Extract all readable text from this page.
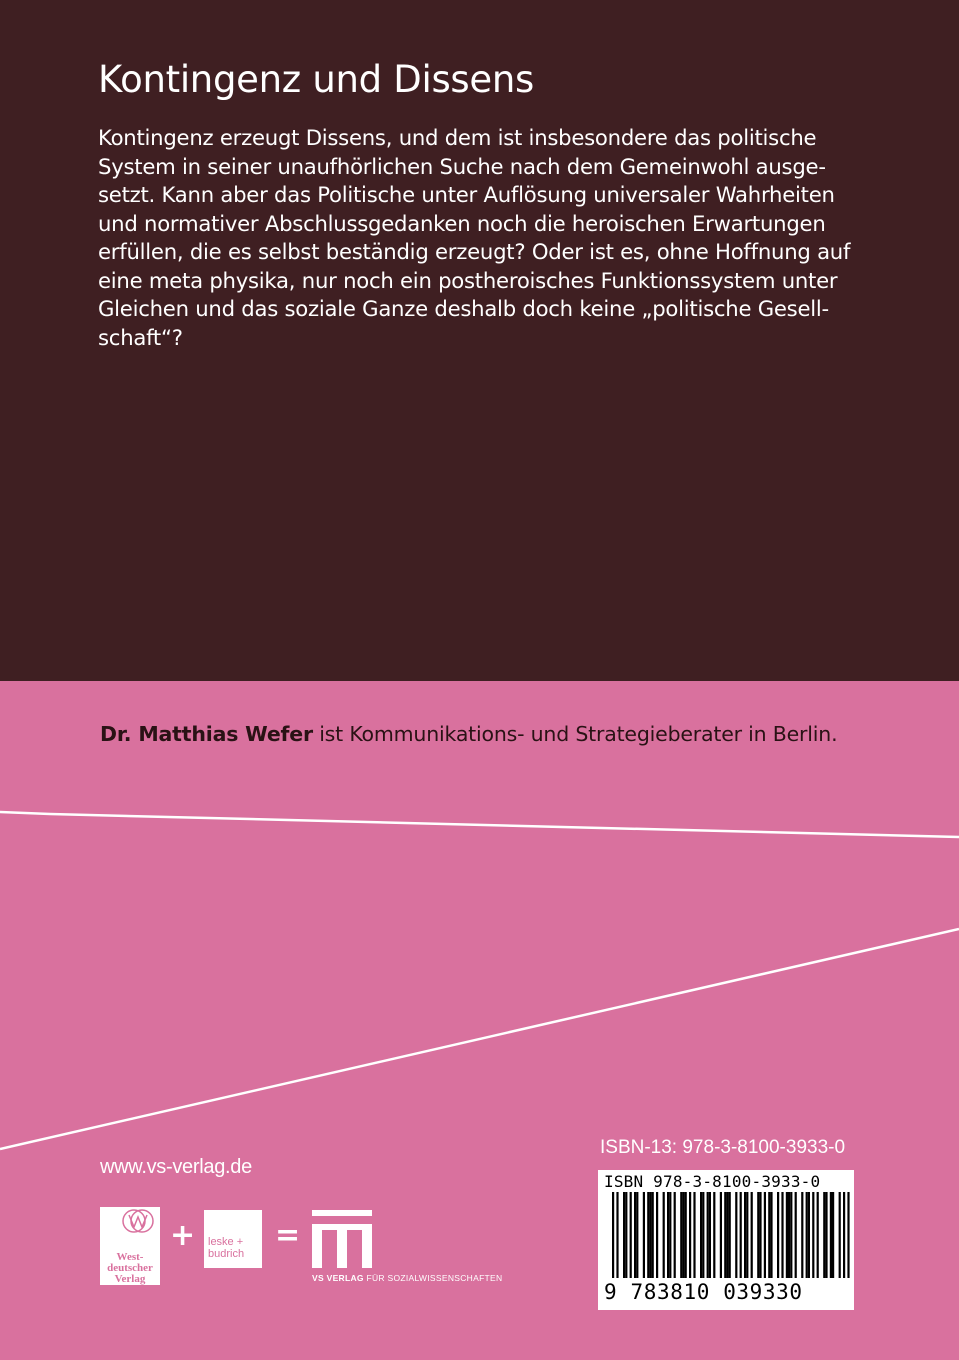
Kontingenz und Dissens
Kontingenz erzeugt Dissens, und dem ist insbesondere das politische
System in seiner unaufhörlichen Suche nach dem Gemeinwohl ausge-
setzt. Kann aber das Politische unter Auflösung universaler Wahrheiten
und normativer Abschlussgedanken noch die heroischen Erwartungen
erfüllen, die es selbst beständig erzeugt? Oder ist es, ohne Hoffnung auf
eine meta physika, nur noch ein postheroisches Funktionssystem unter
Gleichen und das soziale Ganze deshalb doch keine „politische Gesell-
schaft“?
Dr. Matthias Wefer ist Kommunikations- und Strategieberater in Berlin.
www.vs-verlag.de
ISBN-13: 978-3-8100-3933-0
ISBN 978-3-8100-3933-0
9 783810 039330
West-
deutscher
Verlag
+ leske +
budrich
=
VS VERLAG FÜR SOZIALWISSENSCHAFTEN
